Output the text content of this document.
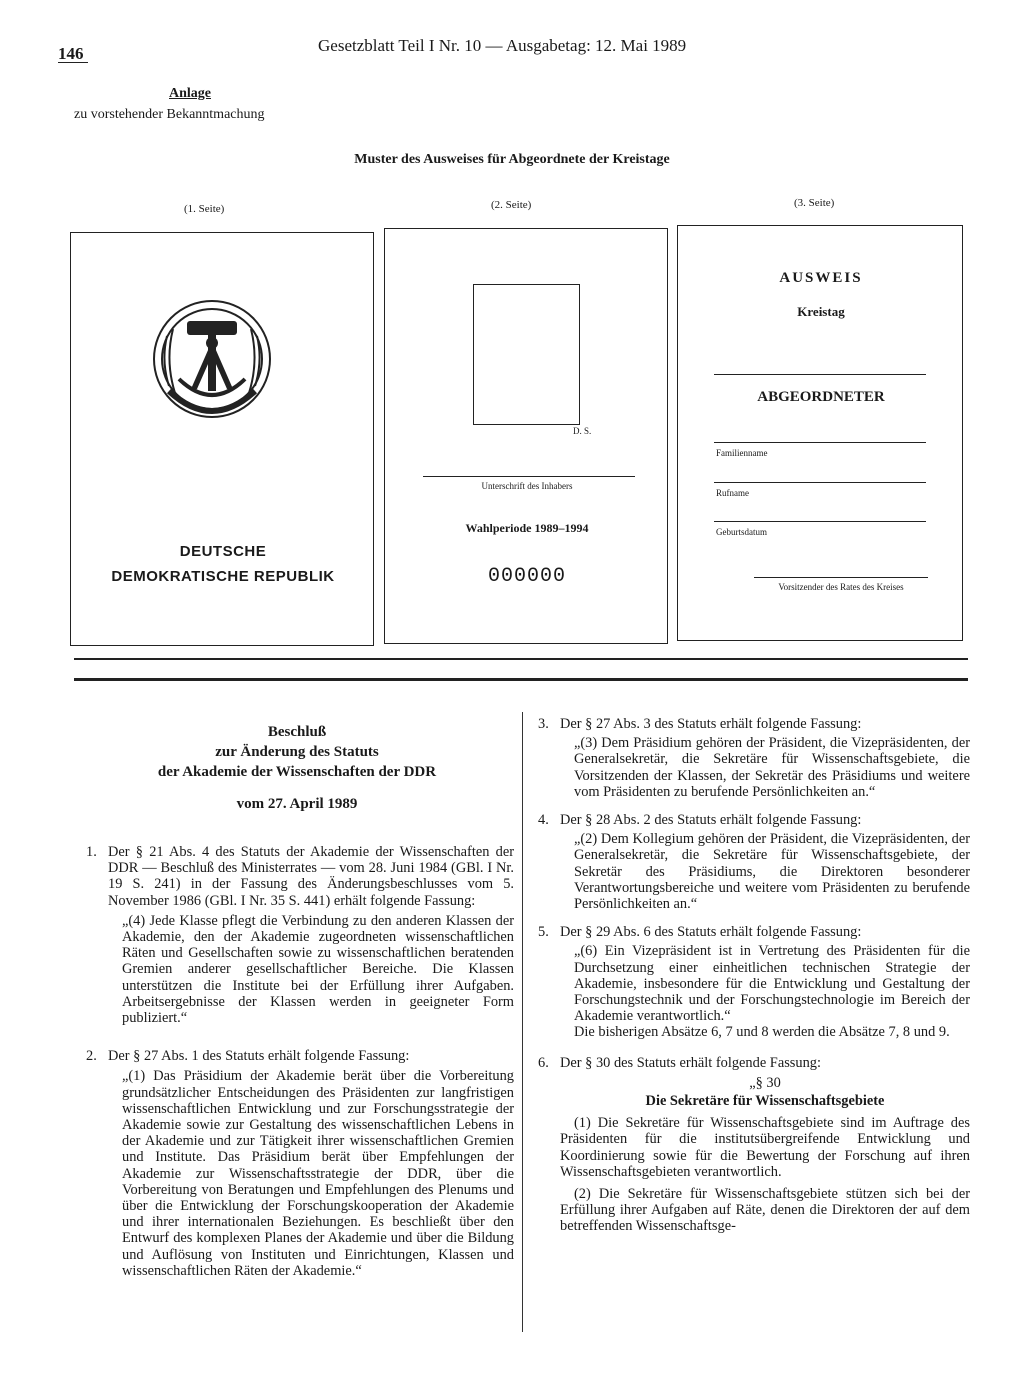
146	Gesetzblatt Teil I Nr. 10 — Ausgabetag: 12. Mai 1989
Anlage
zu vorstehender Bekanntmachung
Muster des Ausweises für Abgeordnete der Kreistage
(1. Seite)	(2. Seite)	(3. Seite)
DEUTSCHE
DEMOKRATISCHE REPUBLIK
D. S.
Unterschrift des Inhabers
Wahlperiode 1989–1994
000000
AUSWEIS
Kreistag
ABGEORDNETER
Familienname
Rufname
Geburtsdatum
Vorsitzender des Rates des Kreises
Beschluß
zur Änderung des Statuts
der Akademie der Wissenschaften der DDR
vom 27. April 1989
1. Der § 21 Abs. 4 des Statuts der Akademie der Wissenschaften der DDR — Beschluß des Ministerrates — vom 28. Juni 1984 (GBl. I Nr. 19 S. 241) in der Fassung des Änderungsbeschlusses vom 5. November 1986 (GBl. I Nr. 35 S. 441) erhält folgende Fassung:

„(4) Jede Klasse pflegt die Verbindung zu den anderen Klassen der Akademie, den der Akademie zugeordneten wissenschaftlichen Räten und Gesellschaften sowie zu wissenschaftlichen beratenden Gremien anderer gesellschaftlicher Bereiche. Die Klassen unterstützen die Institute bei der Erfüllung ihrer Aufgaben. Arbeitsergebnisse der Klassen werden in geeigneter Form publiziert.“

2. Der § 27 Abs. 1 des Statuts erhält folgende Fassung:

„(1) Das Präsidium der Akademie berät über die Vorbereitung grundsätzlicher Entscheidungen des Präsidenten zur langfristigen wissenschaftlichen Entwicklung und zur Forschungsstrategie der Akademie sowie zur Gestaltung des wissenschaftlichen Lebens in der Akademie und zur Tätigkeit ihrer wissenschaftlichen Gremien und Institute. Das Präsidium berät über Empfehlungen der Akademie zur Wissenschaftsstrategie der DDR, über die Vorbereitung von Beratungen und Empfehlungen des Plenums und über die Entwicklung der Forschungskooperation der Akademie und ihrer internationalen Beziehungen. Es beschließt über den Entwurf des komplexen Planes der Akademie und über die Bildung und Auflösung von Instituten und Einrichtungen, Klassen und wissenschaftlichen Räten der Akademie.“

3. Der § 27 Abs. 3 des Statuts erhält folgende Fassung:

„(3) Dem Präsidium gehören der Präsident, die Vizepräsidenten, der Generalsekretär, die Sekretäre für Wissenschaftsgebiete, die Vorsitzenden der Klassen, der Sekretär des Präsidiums und weitere vom Präsidenten zu berufende Persönlichkeiten an.“

4. Der § 28 Abs. 2 des Statuts erhält folgende Fassung:

„(2) Dem Kollegium gehören der Präsident, die Vizepräsidenten, der Generalsekretär, die Sekretäre für Wissenschaftsgebiete, der Sekretär des Präsidiums, die Direktoren besonderer Verantwortungsbereiche und weitere vom Präsidenten zu berufende Persönlichkeiten an.“

5. Der § 29 Abs. 6 des Statuts erhält folgende Fassung:

„(6) Ein Vizepräsident ist in Vertretung des Präsidenten für die Durchsetzung einer einheitlichen technischen Strategie der Akademie, insbesondere für die Entwicklung und Gestaltung der Forschungstechnik und der Forschungstechnologie im Bereich der Akademie verantwortlich.“

Die bisherigen Absätze 6, 7 und 8 werden die Absätze 7, 8 und 9.

6. Der § 30 des Statuts erhält folgende Fassung:

„§ 30

Die Sekretäre für Wissenschaftsgebiete

(1) Die Sekretäre für Wissenschaftsgebiete sind im Auftrage des Präsidenten für die institutsübergreifende Entwicklung und Koordinierung sowie für die Bewertung der Forschung auf ihren Wissenschaftsgebieten verantwortlich.

(2) Die Sekretäre für Wissenschaftsgebiete stützen sich bei der Erfüllung ihrer Aufgaben auf Räte, denen die Direktoren der auf dem betreffenden Wissenschaftsge-
